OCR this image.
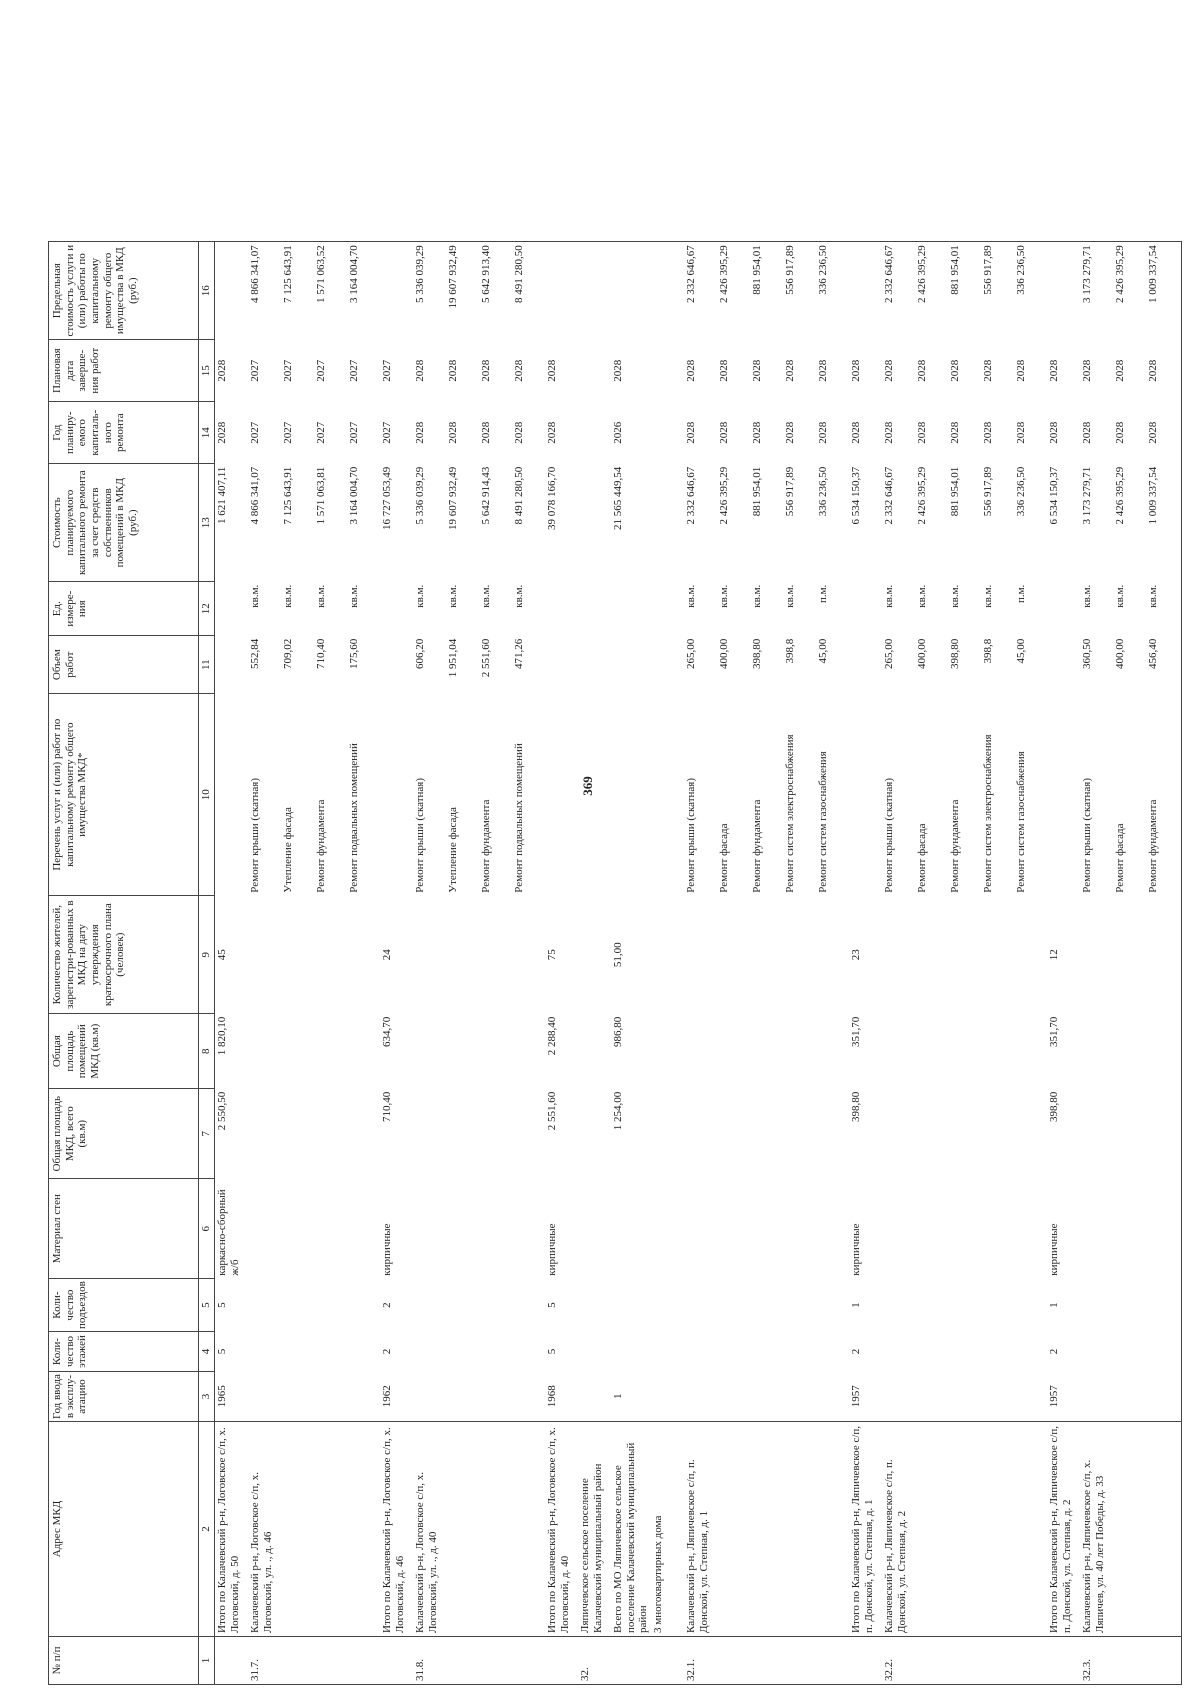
369
№ п/п	Адрес МКД	Год ввода в эксплу-атацию	Коли-чество этажей	Коли-чество подъездов	Материал стен	Общая площадь МКД, всего (кв.м)	Общая площадь помещений МКД (кв.м)	Количество жителей, зарегистри-рованных в МКД на дату утверждения краткосрочного плана (человек)	Перечень услуг и (или) работ по капитальному ремонту общего имущества МКД*	Объем работ	Ед. измере-ния	Стоимость планируемого капитального ремонта за счет средств собственников помещений в МКД (руб.)	Год планиру-емого капиталь-ного ремонта	Плановая дата заверше-ния работ	Предельная стоимость услуги и (или) работы по капитальному ремонту общего имущества в МКД (руб.)
1	2	3	4	5	6	7	8	9	10	11	12	13	14	15	16
	Итого по Калачевский р-н, Логовское с/п, х. Логовский, д. 50	1965	5	5	каркасно-сборный ж/б	2 550,50	1 820,10	45				1 621 407,11	2028	2028	
31.7.	Калачевский р-н, Логовское с/п, х. Логовский, ул. ., д. 46								Ремонт крыши (скатная)	552,84	кв.м.	4 866 341,07	2027	2027	4 866 341,07
									Утепление фасада	709,02	кв.м.	7 125 643,91	2027	2027	7 125 643,91
									Ремонт фундамента	710,40	кв.м.	1 571 063,81	2027	2027	1 571 063,52
									Ремонт подвальных помещений	175,60	кв.м.	3 164 004,70	2027	2027	3 164 004,70
	Итого по Калачевский р-н, Логовское с/п, х. Логовский, д. 46	1962	2	2	кирпичные	710,40	634,70	24				16 727 053,49	2027	2027	
31.8.	Калачевский р-н, Логовское с/п, х. Логовский, ул. ., д. 40								Ремонт крыши (скатная)	606,20	кв.м.	5 336 039,29	2028	2028	5 336 039,29
									Утепление фасада	1 951,04	кв.м.	19 607 932,49	2028	2028	19 607 932,49
									Ремонт фундамента	2 551,60	кв.м.	5 642 914,43	2028	2028	5 642 913,40
									Ремонт подвальных помещений	471,26	кв.м.	8 491 280,50	2028	2028	8 491 280,50
	Итого по Калачевский р-н, Логовское с/п, х. Логовский, д. 40	1968	5	5	кирпичные	2 551,60	2 288,40	75				39 078 166,70	2028	2028	
32.	Ляпичевское сельское поселение Калачевский муниципальный район														
	Всего по МО Ляпичевское сельское поселение Калачевский муниципальный район	1				1 254,00	986,80	51,00				21 565 449,54	2026	2028	
	3 многоквартирных дома														
32.1.	Калачевский р-н, Ляпичевское с/п, п. Донской, ул. Степная, д. 1								Ремонт крыши (скатная)	265,00	кв.м.	2 332 646,67	2028	2028	2 332 646,67
									Ремонт фасада	400,00	кв.м.	2 426 395,29	2028	2028	2 426 395,29
									Ремонт фундамента	398,80	кв.м.	881 954,01	2028	2028	881 954,01
									Ремонт систем электроснабжения	398,8	кв.м.	556 917,89	2028	2028	556 917,89
									Ремонт систем газоснабжения	45,00	п.м.	336 236,50	2028	2028	336 236,50
	Итого по Калачевский р-н, Ляпичевское с/п, п. Донской, ул. Степная, д. 1	1957	2	1	кирпичные	398,80	351,70	23				6 534 150,37	2028	2028	
32.2.	Калачевский р-н, Ляпичевское с/п, п. Донской, ул. Степная, д. 2								Ремонт крыши (скатная)	265,00	кв.м.	2 332 646,67	2028	2028	2 332 646,67
									Ремонт фасада	400,00	кв.м.	2 426 395,29	2028	2028	2 426 395,29
									Ремонт фундамента	398,80	кв.м.	881 954,01	2028	2028	881 954,01
									Ремонт систем электроснабжения	398,8	кв.м.	556 917,89	2028	2028	556 917,89
									Ремонт систем газоснабжения	45,00	п.м.	336 236,50	2028	2028	336 236,50
	Итого по Калачевский р-н, Ляпичевское с/п, п. Донской, ул. Степная, д. 2	1957	2	1	кирпичные	398,80	351,70	12				6 534 150,37	2028	2028	
32.3.	Калачевский р-н, Ляпичевское с/п, х. Ляпичев, ул. 40 лет Победы, д. 33								Ремонт крыши (скатная)	360,50	кв.м.	3 173 279,71	2028	2028	3 173 279,71
									Ремонт фасада	400,00	кв.м.	2 426 395,29	2028	2028	2 426 395,29
									Ремонт фундамента	456,40	кв.м.	1 009 337,54	2028	2028	1 009 337,54
